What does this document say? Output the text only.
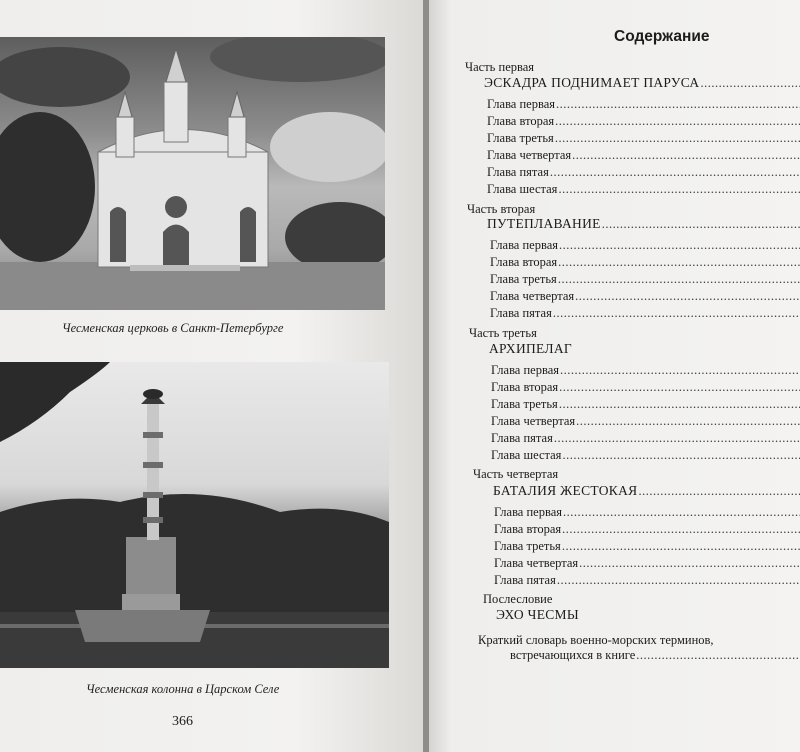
Чесменская церковь в Санкт-Петербурге
Чесменская колонна в Царском Селе
366
Содержание
Часть первая
ЭСКАДРА ПОДНИМАЕТ ПАРУСА
.....
Глава первая
.....
Глава вторая
.....
Глава третья
.....
Глава четвертая
.....
Глава пятая
.....
Глава шестая
.....
Часть вторая
ПУТЕПЛАВАНИЕ
.....
Глава первая
.....
Глава вторая
.....
Глава третья
.....
Глава четвертая
.....
Глава пятая
.....
Часть третья
АРХИПЕЛАГ
Глава первая
.....
Глава вторая
.....
Глава третья
.....
Глава четвертая
.....
Глава пятая
.....
Глава шестая
.....
Часть четвертая
БАТАЛИЯ ЖЕСТОКАЯ
.....
Глава первая
.....
Глава вторая
.....
Глава третья
.....
Глава четвертая
.....
Глава пятая
.....
Послесловие
ЭХО ЧЕСМЫ
Краткий словарь военно-морских терминов,
встречающихся в книге
.....
